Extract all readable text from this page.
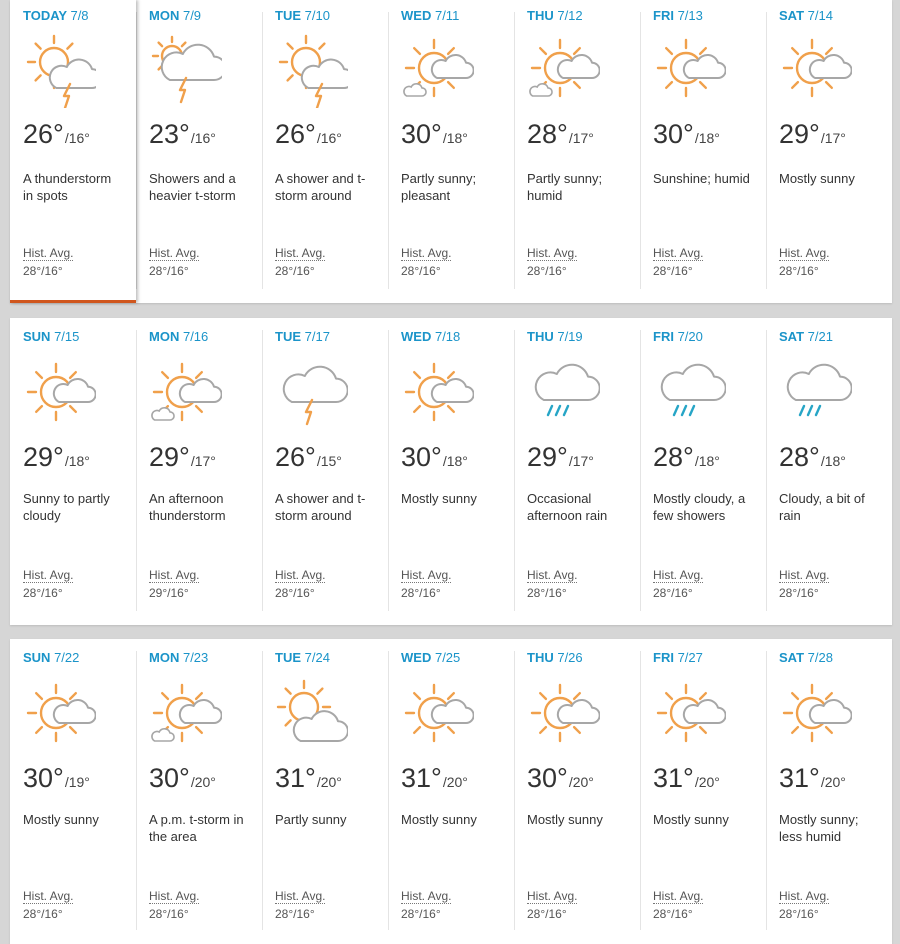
TODAY 7/8
26°/16°
A thunderstorm in spots
Hist. Avg.
28°/16°
MON 7/9
23°/16°
Showers and a heavier t-storm
Hist. Avg.
28°/16°
TUE 7/10
26°/16°
A shower and t-storm around
Hist. Avg.
28°/16°
WED 7/11
30°/18°
Partly sunny; pleasant
Hist. Avg.
28°/16°
THU 7/12
28°/17°
Partly sunny; humid
Hist. Avg.
28°/16°
FRI 7/13
30°/18°
Sunshine; humid
Hist. Avg.
28°/16°
SAT 7/14
29°/17°
Mostly sunny
Hist. Avg.
28°/16°
SUN 7/15
29°/18°
Sunny to partly cloudy
Hist. Avg.
28°/16°
MON 7/16
29°/17°
An afternoon thunderstorm
Hist. Avg.
29°/16°
TUE 7/17
26°/15°
A shower and t-storm around
Hist. Avg.
28°/16°
WED 7/18
30°/18°
Mostly sunny
Hist. Avg.
28°/16°
THU 7/19
29°/17°
Occasional afternoon rain
Hist. Avg.
28°/16°
FRI 7/20
28°/18°
Mostly cloudy, a few showers
Hist. Avg.
28°/16°
SAT 7/21
28°/18°
Cloudy, a bit of rain
Hist. Avg.
28°/16°
SUN 7/22
30°/19°
Mostly sunny
Hist. Avg.
28°/16°
MON 7/23
30°/20°
A p.m. t-storm in the area
Hist. Avg.
28°/16°
TUE 7/24
31°/20°
Partly sunny
Hist. Avg.
28°/16°
WED 7/25
31°/20°
Mostly sunny
Hist. Avg.
28°/16°
THU 7/26
30°/20°
Mostly sunny
Hist. Avg.
28°/16°
FRI 7/27
31°/20°
Mostly sunny
Hist. Avg.
28°/16°
SAT 7/28
31°/20°
Mostly sunny; less humid
Hist. Avg.
28°/16°
